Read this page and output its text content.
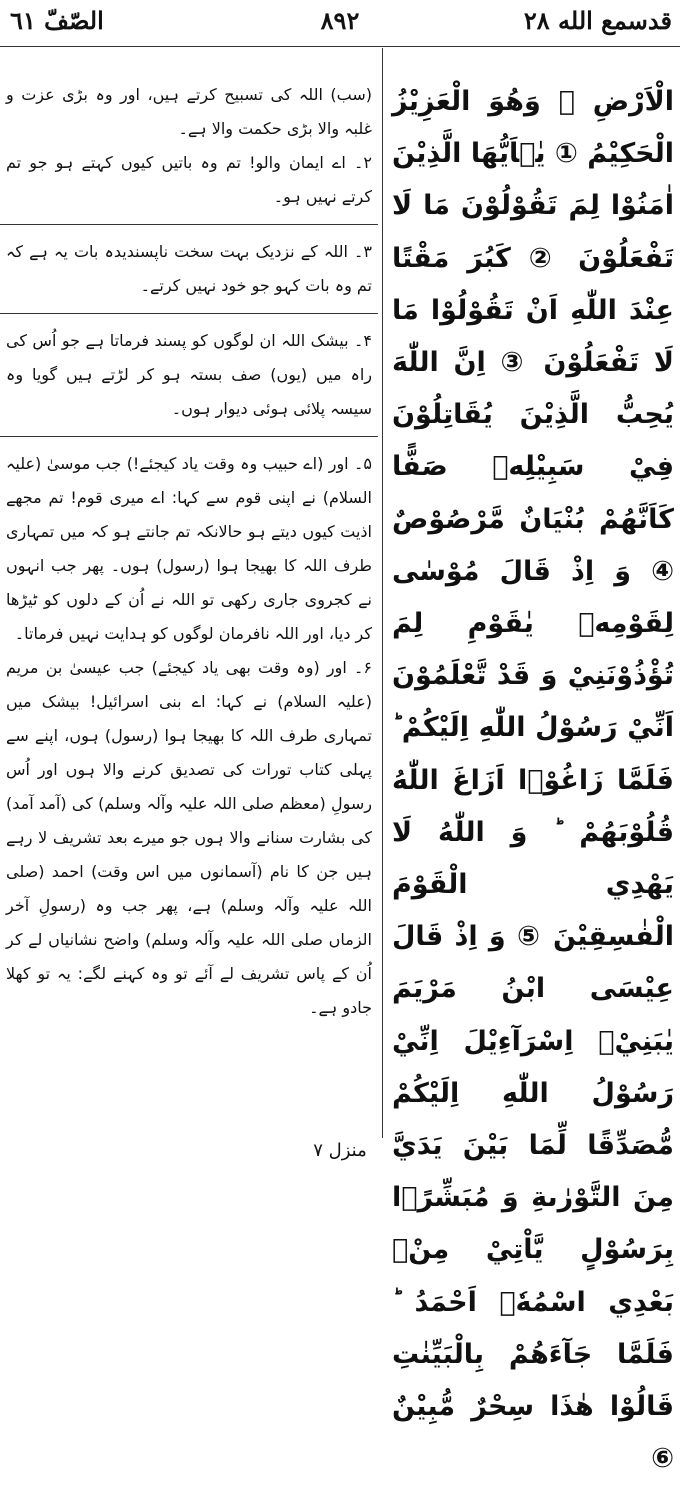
الصّفّ ٦١	٨٩٢	قدسمع الله ٢٨

(سب) اللہ کی تسبیح کرتے ہیں، اور وہ بڑی عزت و غلبہ والا بڑی حکمت والا ہے۔

۲۔ اے ایمان والو! تم وہ باتیں کیوں کہتے ہو جو تم کرتے نہیں ہو۔

۳۔ اللہ کے نزدیک بہت سخت ناپسندیدہ بات یہ ہے کہ تم وہ بات کہو جو خود نہیں کرتے۔

۴۔ بیشک اللہ ان لوگوں کو پسند فرماتا ہے جو اُس کی راہ میں (یوں) صف بستہ ہو کر لڑتے ہیں گویا وہ سیسہ پلائی ہوئی دیوار ہوں۔

۵۔ اور (اے حبیب وہ وقت یاد کیجئے!) جب موسیٰ (علیہ السلام) نے اپنی قوم سے کہا: اے میری قوم! تم مجھے اذیت کیوں دیتے ہو حالانکہ تم جانتے ہو کہ میں تمہاری طرف اللہ کا بھیجا ہوا (رسول) ہوں۔ پھر جب انہوں نے کجروی جاری رکھی تو اللہ نے اُن کے دلوں کو ٹیڑھا کر دیا، اور اللہ نافرمان لوگوں کو ہدایت نہیں فرماتا۔

۶۔ اور (وہ وقت بھی یاد کیجئے) جب عیسیٰ بن مریم (علیہ السلام) نے کہا: اے بنی اسرائیل! بیشک میں تمہاری طرف اللہ کا بھیجا ہوا (رسول) ہوں، اپنے سے پہلی کتاب تورات کی تصدیق کرنے والا ہوں اور اُس رسولِ (معظم صلی اللہ علیہ وآلہ وسلم) کی (آمد آمد) کی بشارت سنانے والا ہوں جو میرے بعد تشریف لا رہے ہیں جن کا نام (آسمانوں میں اس وقت) احمد (صلی اللہ علیہ وآلہ وسلم) ہے، پھر جب وہ (رسولِ آخر الزماں صلی اللہ علیہ وآلہ وسلم) واضح نشانیاں لے کر اُن کے پاس تشریف لے آئے تو وہ کہنے لگے: یہ تو کھلا جادو ہے۔

الْاَرْضِ ۚ وَهُوَ الْعَزِيْزُ الْحَكِيْمُ ① يٰۤاَيُّهَا الَّذِيْنَ اٰمَنُوْا لِمَ تَقُوْلُوْنَ مَا لَا تَفْعَلُوْنَ ② كَبُرَ مَقْتًا عِنْدَ اللّٰهِ اَنْ تَقُوْلُوْا مَا لَا تَفْعَلُوْنَ ③ اِنَّ اللّٰهَ يُحِبُّ الَّذِيْنَ يُقَاتِلُوْنَ فِيْ سَبِيْلِهٖ صَفًّا كَاَنَّهُمْ بُنْيَانٌ مَّرْصُوْصٌ ④ وَ اِذْ قَالَ مُوْسٰى لِقَوْمِهٖ يٰقَوْمِ لِمَ تُؤْذُوْنَنِيْ وَ قَدْ تَّعْلَمُوْنَ اَنِّيْ رَسُوْلُ اللّٰهِ اِلَيْكُمْ ؕ فَلَمَّا زَاغُوْۤا اَزَاغَ اللّٰهُ قُلُوْبَهُمْ ؕ وَ اللّٰهُ لَا يَهْدِي الْقَوْمَ الْفٰسِقِيْنَ ⑤ وَ اِذْ قَالَ عِيْسَى ابْنُ مَرْيَمَ يٰبَنِيْۤ اِسْرَآءِيْلَ اِنِّيْ رَسُوْلُ اللّٰهِ اِلَيْكُمْ مُّصَدِّقًا لِّمَا بَيْنَ يَدَيَّ مِنَ التَّوْرٰىةِ وَ مُبَشِّرًۢا بِرَسُوْلٍ يَّاْتِيْ مِنْۢ بَعْدِي اسْمُهٗۤ اَحْمَدُ ؕ فَلَمَّا جَآءَهُمْ بِالْبَيِّنٰتِ قَالُوْا هٰذَا سِحْرٌ مُّبِيْنٌ ⑥
منزل ۷
